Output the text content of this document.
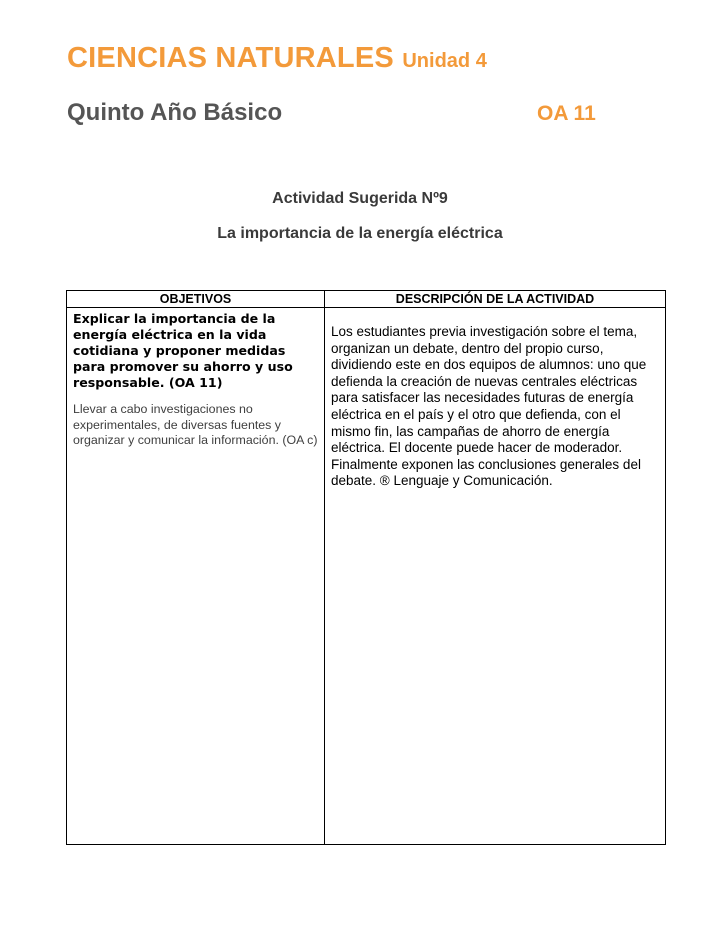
CIENCIAS NATURALES Unidad 4
Quinto Año Básico	OA 11
Actividad Sugerida Nº9
La importancia de la energía eléctrica
OBJETIVOS	DESCRIPCIÓN DE LA ACTIVIDAD
Explicar la importancia de la energía eléctrica en la vida cotidiana y proponer medidas para promover su ahorro y uso responsable. (OA 11)
Llevar a cabo investigaciones no experimentales, de diversas fuentes y organizar y comunicar la información. (OA c)
Los estudiantes previa investigación sobre el tema, organizan un debate, dentro del propio curso, dividiendo este en dos equipos de alumnos: uno que defienda la creación de nuevas centrales eléctricas para satisfacer las necesidades futuras de energía eléctrica en el país y el otro que defienda, con el mismo fin, las campañas de ahorro de energía eléctrica. El docente puede hacer de moderador. Finalmente exponen las conclusiones generales del debate. ® Lenguaje y Comunicación.
